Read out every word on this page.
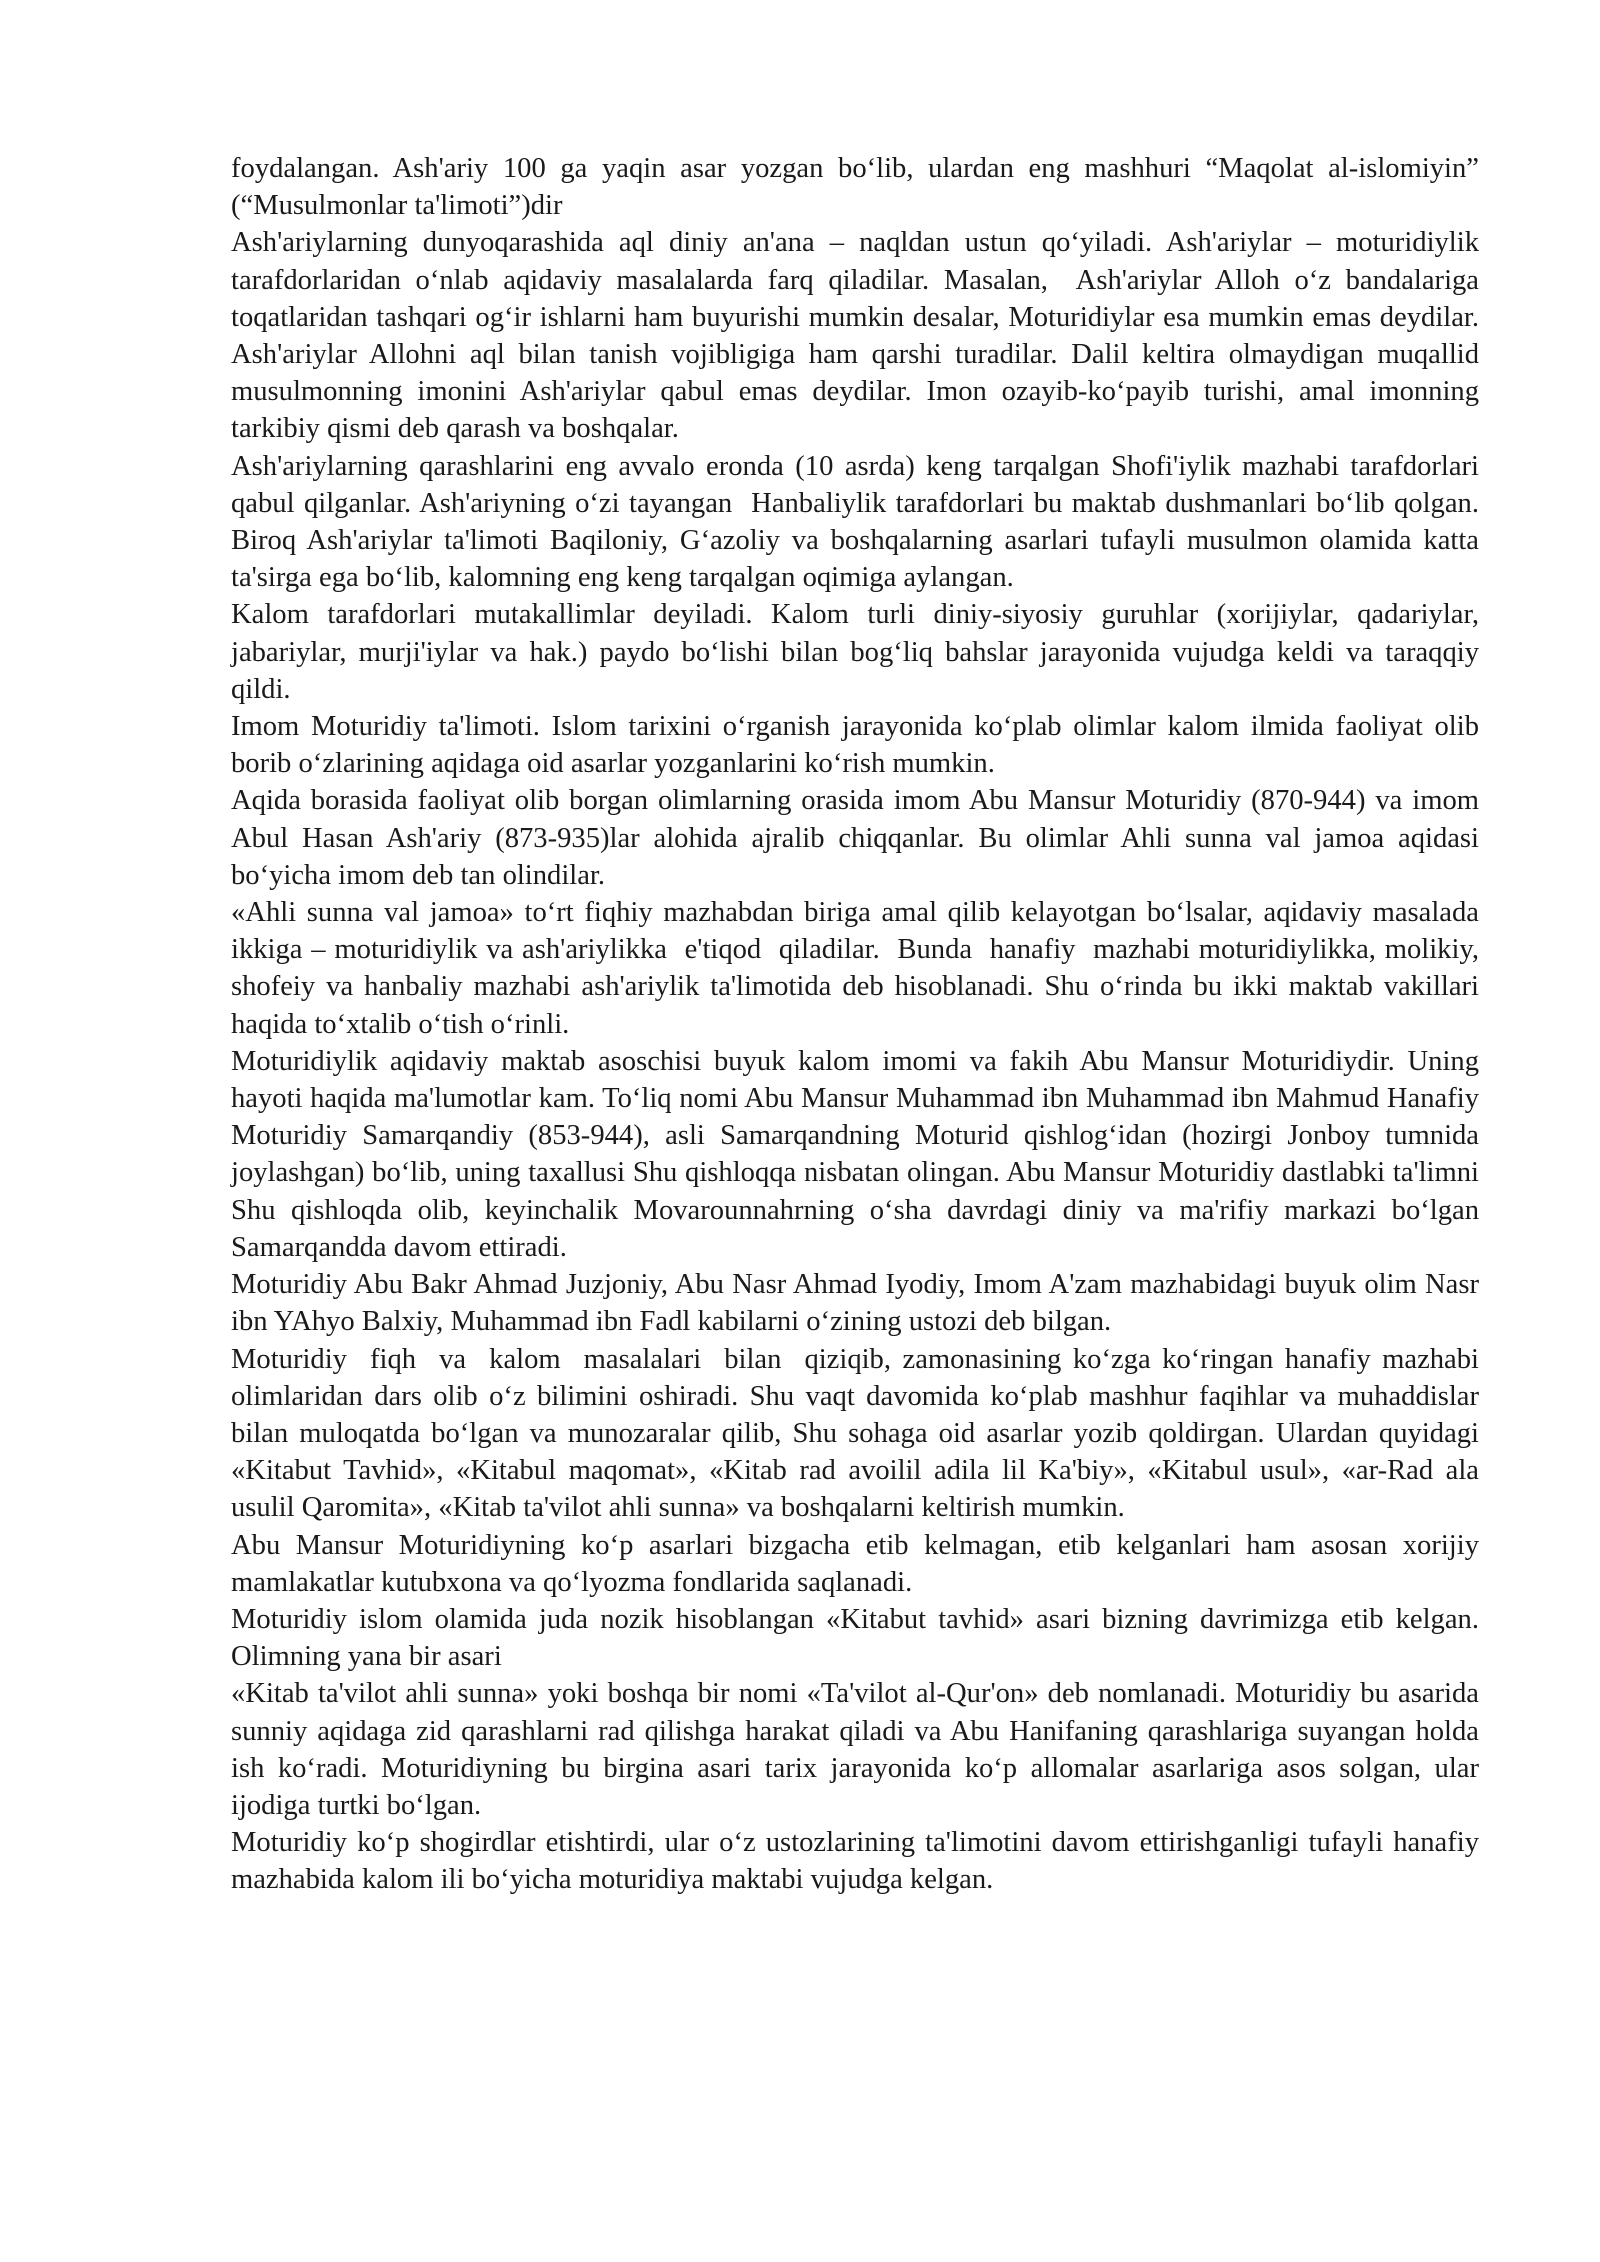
foydalangan. Ash'ariy 100 ga yaqin asar yozgan bo‘lib, ulardan eng mashhuri “Maqolat al-islomiyin” (“Musulmonlar ta'limoti”)dir

Ash'ariylarning dunyoqarashida aql diniy an'ana – naqldan ustun qo‘yiladi. Ash'ariylar – moturidiylik tarafdorlaridan o‘nlab aqidaviy masalalarda farq qiladilar. Masalan,  Ash'ariylar Alloh o‘z bandalariga toqatlaridan tashqari og‘ir ishlarni ham buyurishi mumkin desalar, Moturidiylar esa mumkin emas deydilar. Ash'ariylar Allohni aql bilan tanish vojibligiga ham qarshi turadilar. Dalil keltira olmaydigan muqallid musulmonning imonini Ash'ariylar qabul emas deydilar. Imon ozayib-ko‘payib turishi, amal imonning tarkibiy qismi deb qarash va boshqalar.

Ash'ariylarning qarashlarini eng avvalo eronda (10 asrda) keng tarqalgan Shofi'iylik mazhabi tarafdorlari qabul qilganlar. Ash'ariyning o‘zi tayangan  Hanbaliylik tarafdorlari bu maktab dushmanlari bo‘lib qolgan. Biroq Ash'ariylar ta'limoti Baqiloniy, G‘azoliy va boshqalarning asarlari tufayli musulmon olamida katta ta'sirga ega bo‘lib, kalomning eng keng tarqalgan oqimiga aylangan.

Kalom tarafdorlari mutakallimlar deyiladi. Kalom turli diniy-siyosiy guruhlar (xorijiylar, qadariylar, jabariylar, murji'iylar va hak.) paydo bo‘lishi bilan bog‘liq bahslar jarayonida vujudga keldi va taraqqiy qildi.

Imom Moturidiy ta'limoti. Islom tarixini o‘rganish jarayonida ko‘plab olimlar kalom ilmida faoliyat olib borib o‘zlarining aqidaga oid asarlar yozganlarini ko‘rish mumkin.

Aqida borasida faoliyat olib borgan olimlarning orasida imom Abu Mansur Moturidiy (870-944) va imom Abul Hasan Ash'ariy (873-935)lar alohida ajralib chiqqanlar. Bu olimlar Ahli sunna val jamoa aqidasi bo‘yicha imom deb tan olindilar.

«Ahli sunna val jamoa» to‘rt fiqhiy mazhabdan biriga amal qilib kelayotgan bo‘lsalar, aqidaviy masalada ikkiga – moturidiylik va ash'ariylikka  e'tiqod  qiladilar.  Bunda  hanafiy  mazhabi moturidiylikka, molikiy, shofeiy va hanbaliy mazhabi ash'ariylik ta'limotida deb hisoblanadi. Shu o‘rinda bu ikki maktab vakillari haqida to‘xtalib o‘tish o‘rinli.

Moturidiylik aqidaviy maktab asoschisi buyuk kalom imomi va fakih Abu Mansur Moturidiydir. Uning hayoti haqida ma'lumotlar kam. To‘liq nomi Abu Mansur Muhammad ibn Muhammad ibn Mahmud Hanafiy Moturidiy Samarqandiy (853-944), asli Samarqandning Moturid qishlog‘idan (hozirgi Jonboy tumnida joylashgan) bo‘lib, uning taxallusi Shu qishloqqa nisbatan olingan. Abu Mansur Moturidiy dastlabki ta'limni Shu qishloqda olib, keyinchalik Movarounnahrning o‘sha davrdagi diniy va ma'rifiy markazi bo‘lgan Samarqandda davom ettiradi.

Moturidiy Abu Bakr Ahmad Juzjoniy, Abu Nasr Ahmad Iyodiy, Imom A'zam mazhabidagi buyuk olim Nasr ibn YAhyo Balxiy, Muhammad ibn Fadl kabilarni o‘zining ustozi deb bilgan.

Moturidiy  fiqh  va  kalom  masalalari  bilan  qiziqib, zamonasining ko‘zga ko‘ringan hanafiy mazhabi olimlaridan dars olib o‘z bilimini oshiradi. Shu vaqt davomida ko‘plab mashhur faqihlar va muhaddislar bilan muloqatda bo‘lgan va munozaralar qilib, Shu sohaga oid asarlar yozib qoldirgan. Ulardan quyidagi «Kitabut Tavhid», «Kitabul maqomat», «Kitab rad avoilil adila lil Ka'biy», «Kitabul usul», «ar-Rad ala usulil Qaromita», «Kitab ta'vilot ahli sunna» va boshqalarni keltirish mumkin.

Abu Mansur Moturidiyning ko‘p asarlari bizgacha etib kelmagan, etib kelganlari ham asosan xorijiy mamlakatlar kutubxona va qo‘lyozma fondlarida saqlanadi.

Moturidiy islom olamida juda nozik hisoblangan «Kitabut tavhid» asari bizning davrimizga etib kelgan. Olimning yana bir asari

«Kitab ta'vilot ahli sunna» yoki boshqa bir nomi «Ta'vilot al-Qur'on» deb nomlanadi. Moturidiy bu asarida sunniy aqidaga zid qarashlarni rad qilishga harakat qiladi va Abu Hanifaning qarashlariga suyangan holda ish ko‘radi. Moturidiyning bu birgina asari tarix jarayonida ko‘p allomalar asarlariga asos solgan, ular ijodiga turtki bo‘lgan.

Moturidiy ko‘p shogirdlar etishtirdi, ular o‘z ustozlarining ta'limotini davom ettirishganligi tufayli hanafiy mazhabida kalom ili bo‘yicha moturidiya maktabi vujudga kelgan.
